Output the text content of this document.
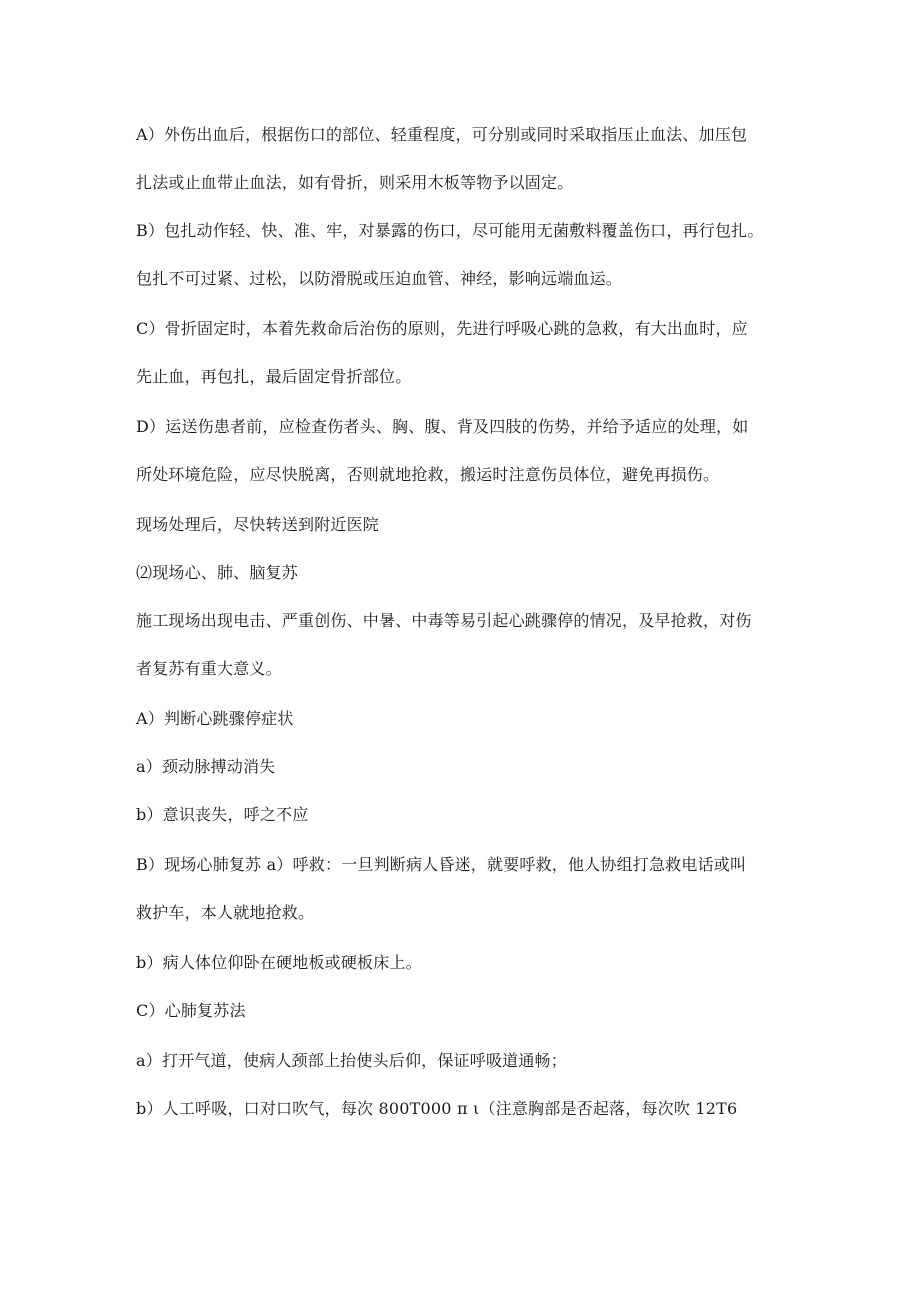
A）外伤出血后，根据伤口的部位、轻重程度，可分别或同时采取指压止血法、加压包
扎法或止血带止血法，如有骨折，则采用木板等物予以固定。
B）包扎动作轻、快、准、牢，对暴露的伤口，尽可能用无菌敷料覆盖伤口，再行包扎。
包扎不可过紧、过松，以防滑脱或压迫血管、神经，影响远端血运。
C）骨折固定时，本着先救命后治伤的原则，先进行呼吸心跳的急救，有大出血时，应
先止血，再包扎，最后固定骨折部位。
D）运送伤患者前，应检查伤者头、胸、腹、背及四肢的伤势，并给予适应的处理，如
所处环境危险，应尽快脱离，否则就地抢救，搬运时注意伤员体位，避免再损伤。
现场处理后，尽快转送到附近医院
⑵现场心、肺、脑复苏
施工现场出现电击、严重创伤、中暑、中毒等易引起心跳骤停的情况，及早抢救，对伤
者复苏有重大意义。
A）判断心跳骤停症状
a）颈动脉搏动消失
b）意识丧失，呼之不应
B）现场心肺复苏 a）呼救：一旦判断病人昏迷，就要呼救，他人协组打急救电话或叫
救护车，本人就地抢救。
b）病人体位仰卧在硬地板或硬板床上。
C）心肺复苏法
a）打开气道，使病人颈部上抬使头后仰，保证呼吸道通畅；
b）人工呼吸，口对口吹气，每次 800T000 π ι（注意胸部是否起落，每次吹 12T6
